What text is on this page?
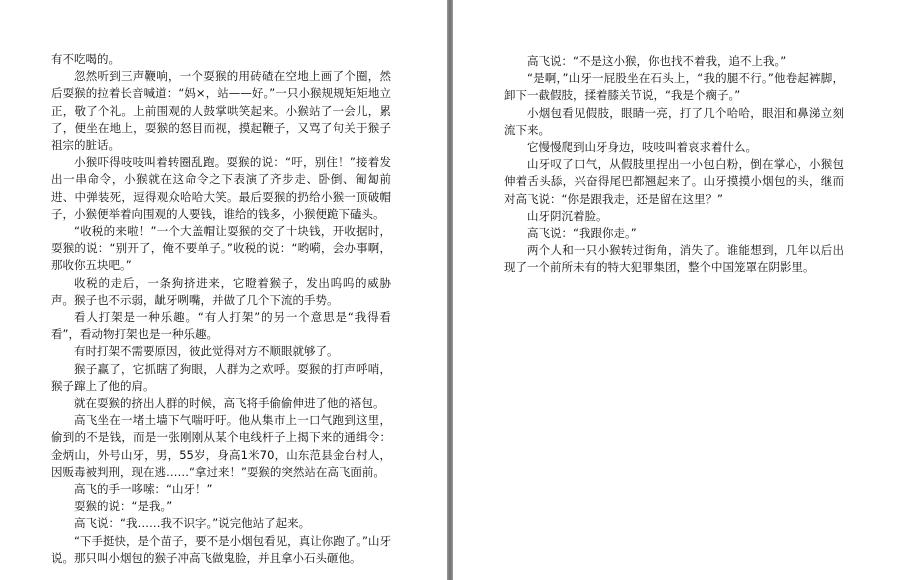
有不吃喝的。

忽然听到三声鞭响，一个耍猴的用砖碴在空地上画了个圈，然后耍猴的拉着长音喊道：“妈×，站——好。”一只小猴规规矩矩地立正，敬了个礼。上前围观的人鼓掌哄笑起来。小猴站了一会儿，累了，便坐在地上，耍猴的怒目而视，摸起鞭子，又骂了句关于猴子祖宗的脏话。

小猴吓得吱吱叫着转圈乱跑。耍猴的说：“吁，别住！”接着发出一串命令，小猴就在这命令之下表演了齐步走、卧倒、匍匐前进、中弹装死，逗得观众哈哈大笑。最后耍猴的扔给小猴一顶破帽子，小猴便举着向围观的人要钱，谁给的钱多，小猴便跪下磕头。

“收税的来啦！”一个大盖帽让耍猴的交了十块钱，开收据时，耍猴的说：“别开了，俺不要单子。”收税的说：“哟嗬，会办事啊，那收你五块吧。”

收税的走后，一条狗挤进来，它瞪着猴子，发出呜呜的威胁声。猴子也不示弱，龇牙咧嘴，并做了几个下流的手势。

看人打架是一种乐趣。“有人打架”的另一个意思是“我得看看”，看动物打架也是一种乐趣。

有时打架不需要原因，彼此觉得对方不顺眼就够了。

猴子赢了，它抓瞎了狗眼，人群为之欢呼。耍猴的打声呼哨，猴子蹿上了他的肩。

就在耍猴的挤出人群的时候，高飞将手偷偷伸进了他的褡包。

高飞坐在一堵土墙下气喘吁吁。他从集市上一口气跑到这里，偷到的不是钱，而是一张刚刚从某个电线杆子上揭下来的通缉令：金炳山，外号山牙，男，55岁，身高1米70，山东范县金台村人，因贩毒被判刑，现在逃……“拿过来！”耍猴的突然站在高飞面前。

高飞的手一哆嗦：“山牙！”

耍猴的说：“是我。”

高飞说：“我……我不识字。”说完他站了起来。

“下手挺快，是个苗子，要不是小烟包看见，真让你跑了。”山牙说。那只叫小烟包的猴子冲高飞做鬼脸，并且拿小石头砸他。

高飞说：“不是这小猴，你也找不着我，追不上我。”

“是啊，”山牙一屁股坐在石头上，“我的腿不行。”他卷起裤脚，卸下一截假肢，揉着膝关节说，“我是个瘸子。”

小烟包看见假肢，眼睛一亮，打了几个哈哈，眼泪和鼻涕立刻流下来。

它慢慢爬到山牙身边，吱吱叫着哀求着什么。

山牙叹了口气，从假肢里捏出一小包白粉，倒在掌心，小猴包伸着舌头舔，兴奋得尾巴都翘起来了。山牙摸摸小烟包的头，继而对高飞说：“你是跟我走，还是留在这里？”

山牙阴沉着脸。

高飞说：“我跟你走。”

两个人和一只小猴转过街角，消失了。谁能想到，几年以后出现了一个前所未有的特大犯罪集团，整个中国笼罩在阴影里。
